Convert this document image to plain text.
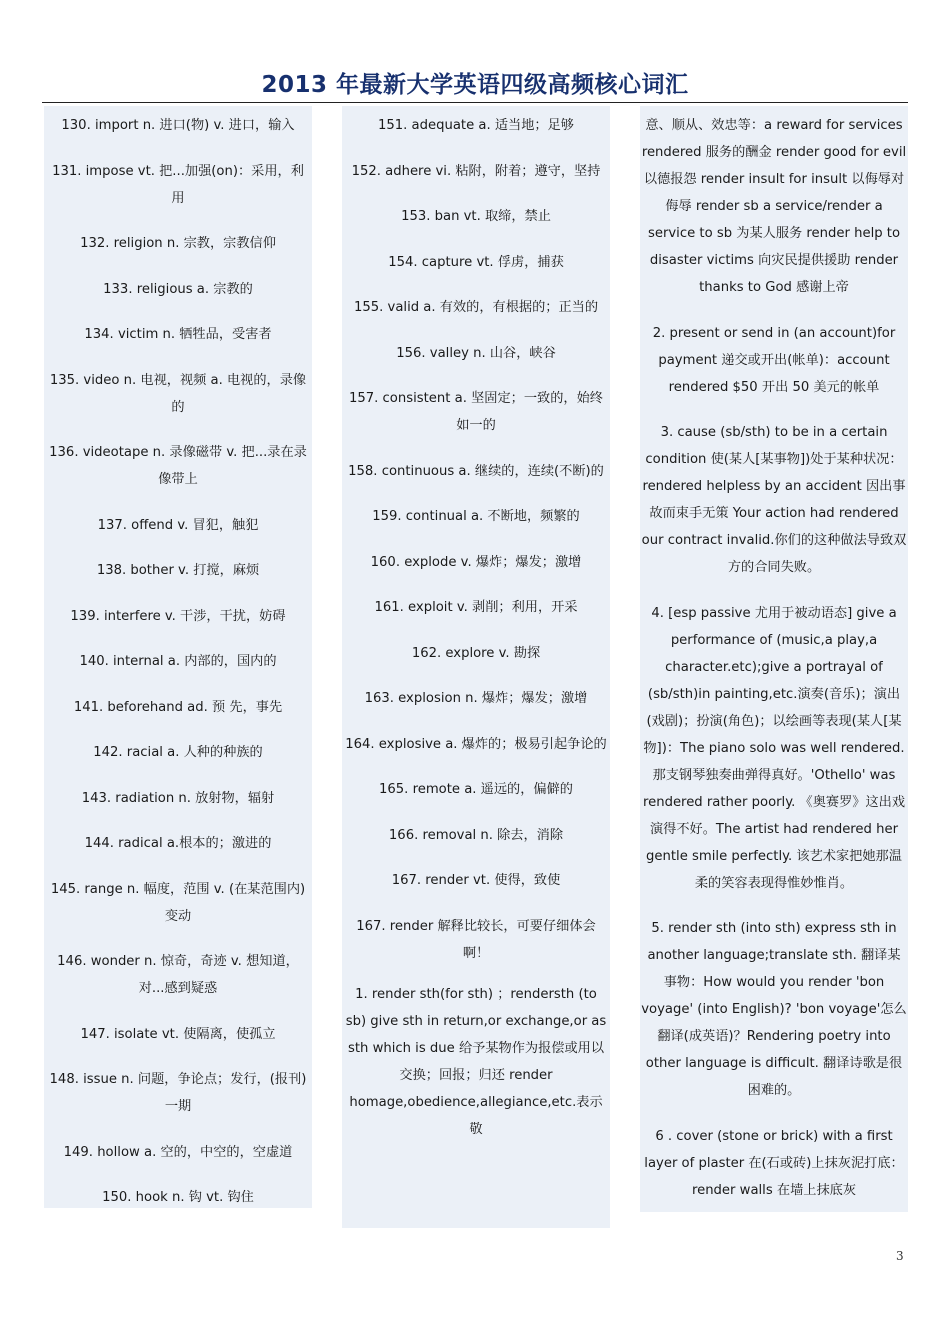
2013 年最新大学英语四级高频核心词汇
130. import n. 进口(物) v. 进口，输入
131. impose vt. 把...加强(on)：采用，利用
132. religion n. 宗教，宗教信仰
133. religious a. 宗教的
134. victim n. 牺牲品，受害者
135. video n. 电视，视频 a. 电视的，录像的
136. videotape n. 录像磁带 v. 把...录在录像带上
137. offend v. 冒犯，触犯
138. bother v. 打搅，麻烦
139. interfere v. 干涉，干扰，妨碍
140. internal a. 内部的，国内的
141. beforehand ad. 预 先，事先
142. racial a. 人种的种族的
143. radiation n. 放射物，辐射
144. radical a.根本的；激进的
145. range n. 幅度，范围 v. (在某范围内)变动
146. wonder n. 惊奇，奇迹 v. 想知道，对...感到疑惑
147. isolate vt. 使隔离，使孤立
148. issue n. 问题，争论点；发行，(报刊)一期
149. hollow a. 空的，中空的，空虚道
150. hook n. 钩 vt. 钩住
151. adequate a. 适当地；足够
152. adhere vi. 粘附，附着；遵守，坚持
153. ban vt. 取缔，禁止
154. capture vt. 俘虏，捕获
155. valid a. 有效的，有根据的；正当的
156. valley n. 山谷，峡谷
157. consistent a. 坚固定；一致的，始终如一的
158. continuous a. 继续的，连续(不断)的
159. continual a. 不断地，频繁的
160. explode v. 爆炸；爆发；激增
161. exploit v. 剥削；利用，开采
162. explore v. 勘探
163. explosion n. 爆炸；爆发；激增
164. explosive a. 爆炸的；极易引起争论的
165. remote a. 遥远的，偏僻的
166. removal n. 除去，消除
167. render vt. 使得，致使
167. render 解释比较长，可要仔细体会啊！
1. render sth(for sth) ；rendersth (to sb) give sth in return,or exchange,or as sth which is due 给予某物作为报偿或用以交换；回报；归还 render homage,obedience,allegiance,etc.表示敬
意、顺从、效忠等：a reward for services rendered 服务的酬金 render good for evil 以德报怨 render insult for insult 以侮辱对侮辱 render sb a service/render a service to sb 为某人服务 render help to disaster victims 向灾民提供援助 render thanks to God 感谢上帝
2. present or send in (an account)for payment 递交或开出(帐单)：account rendered $50 开出 50 美元的帐单
3. cause (sb/sth) to be in a certain condition 使(某人[某事物])处于某种状况：rendered helpless by an accident 因出事故而束手无策 Your action had rendered our contract invalid.你们的这种做法导致双方的合同失败。
4. [esp passive 尤用于被动语态] give a performance of (music,a play,a character.etc);give a portrayal of (sb/sth)in painting,etc.演奏(音乐)；演出(戏剧)；扮演(角色)；以绘画等表现(某人[某物])：The piano solo was well rendered. 那支钢琴独奏曲弹得真好。'Othello' was rendered rather poorly. 《奥赛罗》这出戏演得不好。The artist had rendered her gentle smile perfectly. 该艺术家把她那温柔的笑容表现得惟妙惟肖。
5. render sth (into sth) express sth in another language;translate sth. 翻译某事物：How would you render 'bon voyage' (into English)? 'bon voyage'怎么翻译(成英语)？Rendering poetry into other language is difficult. 翻译诗歌是很困难的。
6 . cover (stone or brick) with a first layer of plaster 在(石或砖)上抹灰泥打底：render walls 在墙上抹底灰
3
